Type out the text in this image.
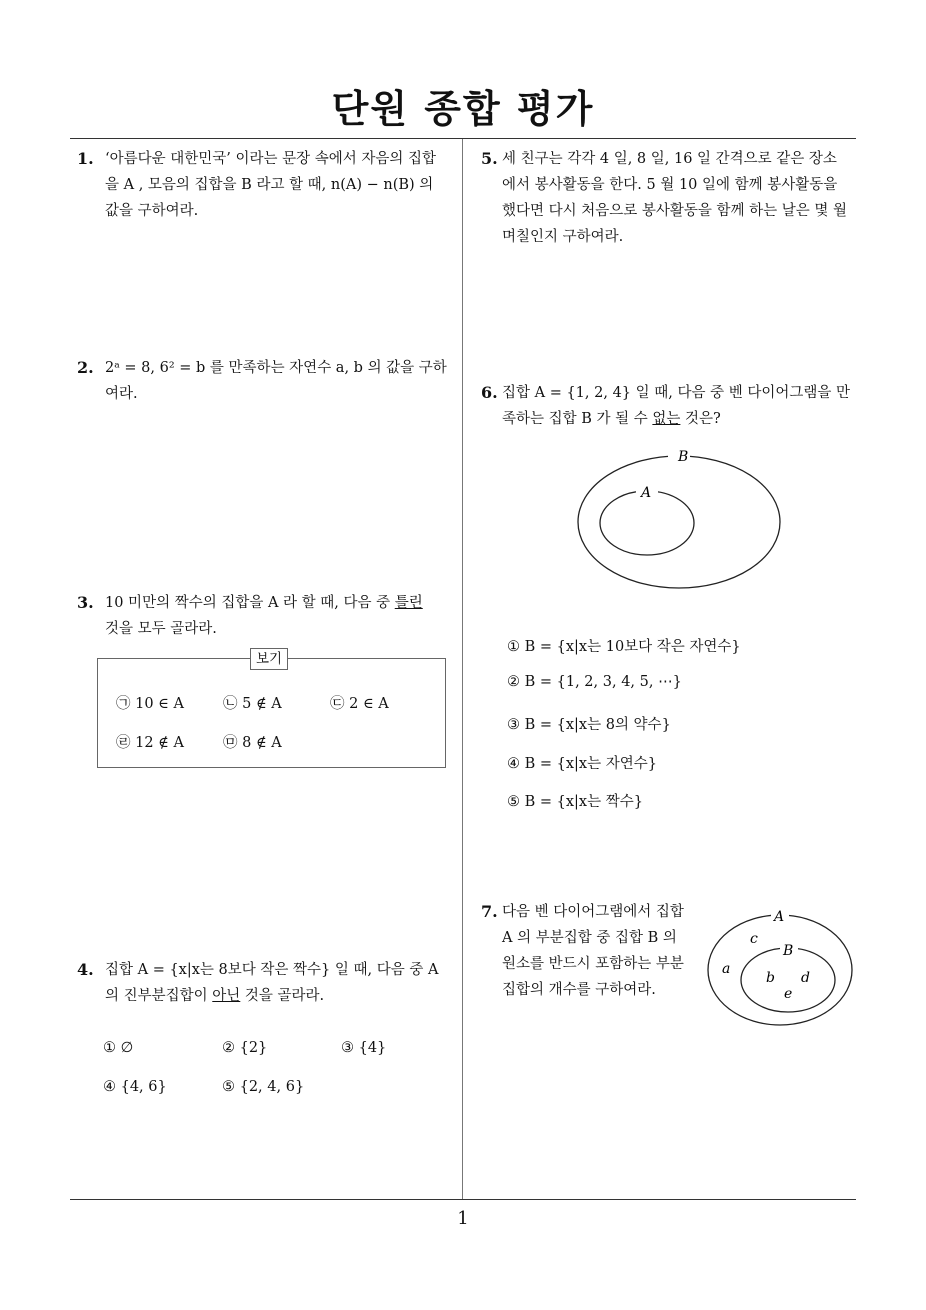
단원 종합 평가
1. ‘아름다운 대한민국’ 이라는 문장 속에서 자음의 집합
을 A , 모음의 집합을 B 라고 할 때, n(A) − n(B) 의
값을 구하여라.
2. 2ᵃ = 8, 6² = b 를 만족하는 자연수 a, b 의 값을 구하
여라.
3. 10 미만의 짝수의 집합을 A 라 할 때, 다음 중 틀린
것을 모두 골라라.
보기
㉠ 10 ∈ A	㉡ 5 ∉ A	㉢ 2 ∈ A
㉣ 12 ∉ A	㉤ 8 ∉ A
4. 집합 A = {x|x는 8보다 작은 짝수} 일 때, 다음 중 A
의 진부분집합이 아닌 것을 골라라.
① ∅	② {2}	③ {4}
④ {4, 6}	⑤ {2, 4, 6}
5. 세 친구는 각각 4 일, 8 일, 16 일 간격으로 같은 장소
에서 봉사활동을 한다. 5 월 10 일에 함께 봉사활동을
했다면 다시 처음으로 봉사활동을 함께 하는 날은 몇 월
며칠인지 구하여라.
6. 집합 A = {1, 2, 4} 일 때, 다음 중 벤 다이어그램을 만
족하는 집합 B 가 될 수 없는 것은?
B
A
① B = {x|x는 10보다 작은 자연수}
② B = {1, 2, 3, 4, 5, ⋯}
③ B = {x|x는 8의 약수}
④ B = {x|x는 자연수}
⑤ B = {x|x는 짝수}
7. 다음 벤 다이어그램에서 집합
A 의 부분집합 중 집합 B 의
원소를 반드시 포함하는 부분
집합의 개수를 구하여라.
A
B
c
a
b d
e
1
